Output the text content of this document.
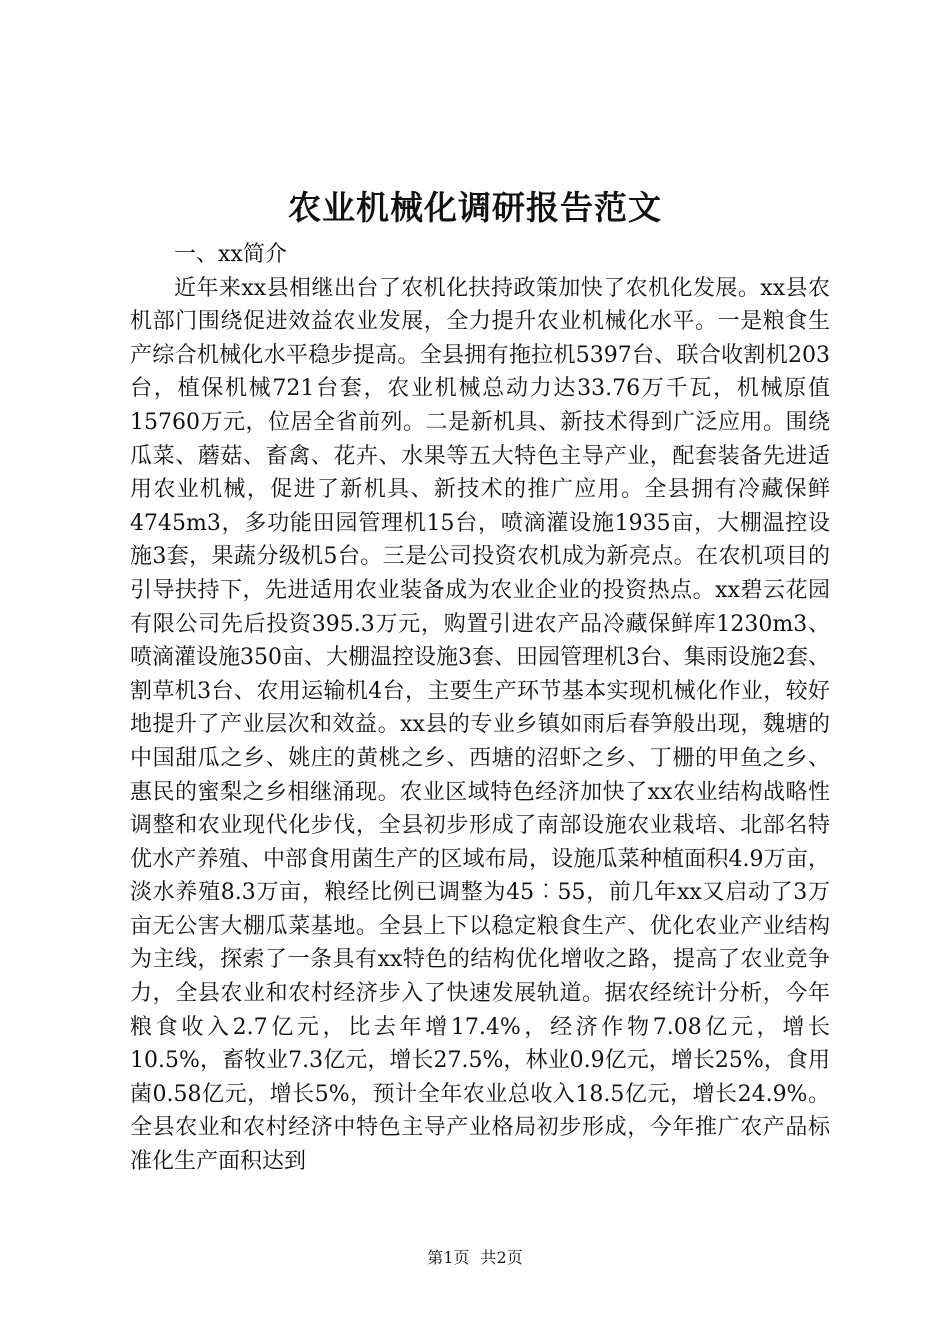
农业机械化调研报告范文

一、xx简介

近年来xx县相继出台了农机化扶持政策加快了农机化发展。xx县农机部门围绕促进效益农业发展，全力提升农业机械化水平。一是粮食生产综合机械化水平稳步提高。全县拥有拖拉机5397台、联合收割机203台，植保机械721台套，农业机械总动力达33.76万千瓦，机械原值15760万元，位居全省前列。二是新机具、新技术得到广泛应用。围绕瓜菜、蘑菇、畜禽、花卉、水果等五大特色主导产业，配套装备先进适用农业机械，促进了新机具、新技术的推广应用。全县拥有冷藏保鲜4745m3，多功能田园管理机15台，喷滴灌设施1935亩，大棚温控设施3套，果蔬分级机5台。三是公司投资农机成为新亮点。在农机项目的引导扶持下，先进适用农业装备成为农业企业的投资热点。xx碧云花园有限公司先后投资395.3万元，购置引进农产品冷藏保鲜库1230m3、喷滴灌设施350亩、大棚温控设施3套、田园管理机3台、集雨设施2套、割草机3台、农用运输机4台，主要生产环节基本实现机械化作业，较好地提升了产业层次和效益。xx县的专业乡镇如雨后春笋般出现，魏塘的中国甜瓜之乡、姚庄的黄桃之乡、西塘的沼虾之乡、丁栅的甲鱼之乡、惠民的蜜梨之乡相继涌现。农业区域特色经济加快了xx农业结构战略性调整和农业现代化步伐，全县初步形成了南部设施农业栽培、北部名特优水产养殖、中部食用菌生产的区域布局，设施瓜菜种植面积4.9万亩，淡水养殖8.3万亩，粮经比例已调整为45︰55，前几年xx又启动了3万亩无公害大棚瓜菜基地。全县上下以稳定粮食生产、优化农业产业结构为主线，探索了一条具有xx特色的结构优化增收之路，提高了农业竞争力，全县农业和农村经济步入了快速发展轨道。据农经统计分析，今年粮食收入2.7亿元，比去年增17.4%，经济作物7.08亿元，增长10.5%，畜牧业7.3亿元，增长27.5%，林业0.9亿元，增长25%，食用菌0.58亿元，增长5%，预计全年农业总收入18.5亿元，增长24.9%。全县农业和农村经济中特色主导产业格局初步形成，今年推广农产品标准化生产面积达到

第1页 共2页
